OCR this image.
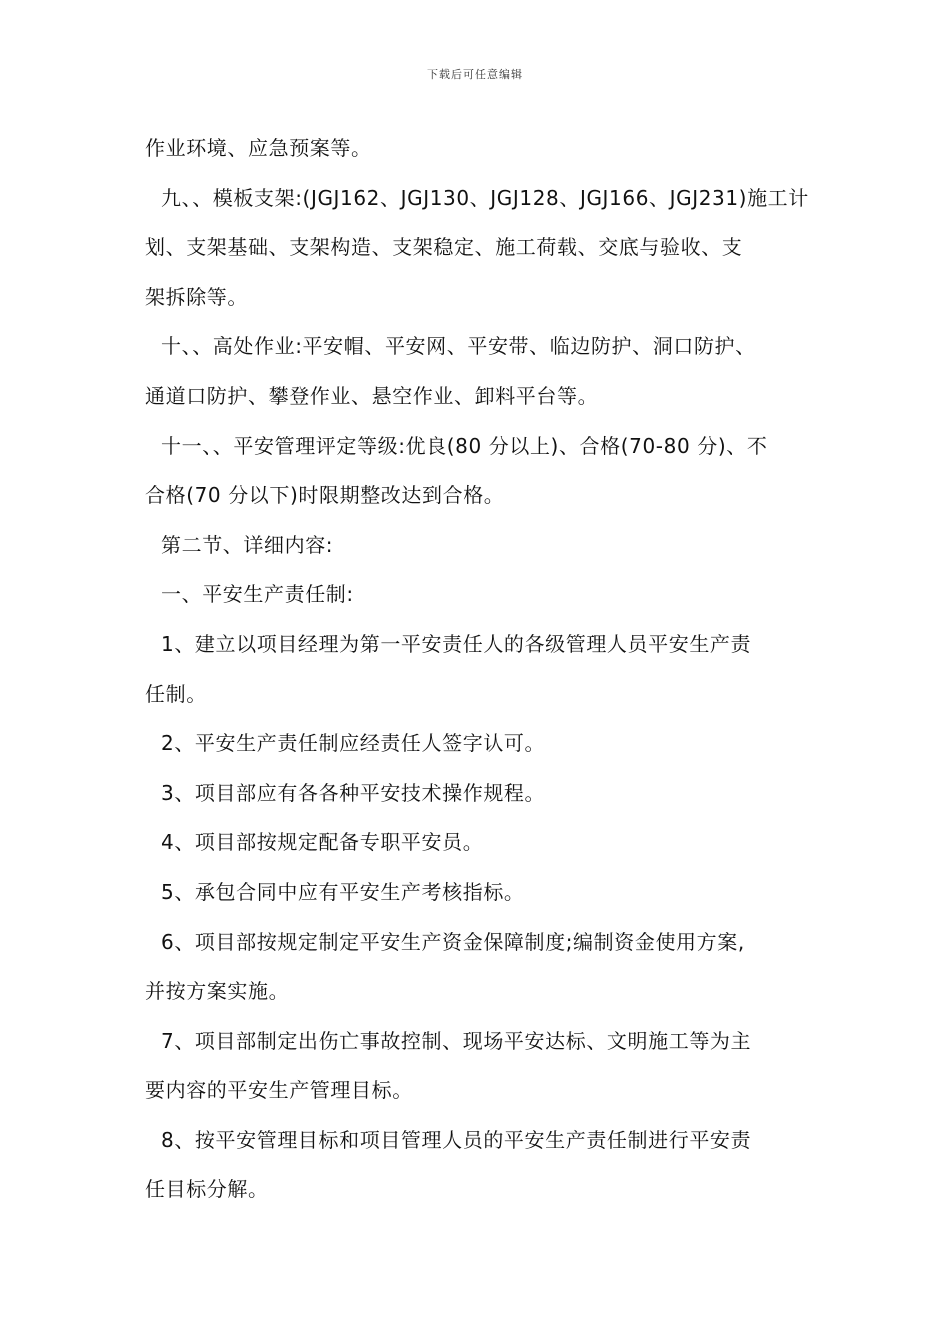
下载后可任意编辑
作业环境、应急预案等。
九、、模板支架:(JGJ162、JGJ130、JGJ128、JGJ166、JGJ231)施工计
划、支架基础、支架构造、支架稳定、施工荷载、交底与验收、支
架拆除等。
十、、高处作业:平安帽、平安网、平安带、临边防护、洞口防护、
通道口防护、攀登作业、悬空作业、卸料平台等。
十一、、平安管理评定等级:优良(80 分以上)、合格(70-80 分)、不
合格(70 分以下)时限期整改达到合格。
第二节、详细内容:
一、平安生产责任制:
1、建立以项目经理为第一平安责任人的各级管理人员平安生产责
任制。
2、平安生产责任制应经责任人签字认可。
3、项目部应有各各种平安技术操作规程。
4、项目部按规定配备专职平安员。
5、承包合同中应有平安生产考核指标。
6、项目部按规定制定平安生产资金保障制度;编制资金使用方案,
并按方案实施。
7、项目部制定出伤亡事故控制、现场平安达标、文明施工等为主
要内容的平安生产管理目标。
8、按平安管理目标和项目管理人员的平安生产责任制进行平安责
任目标分解。
